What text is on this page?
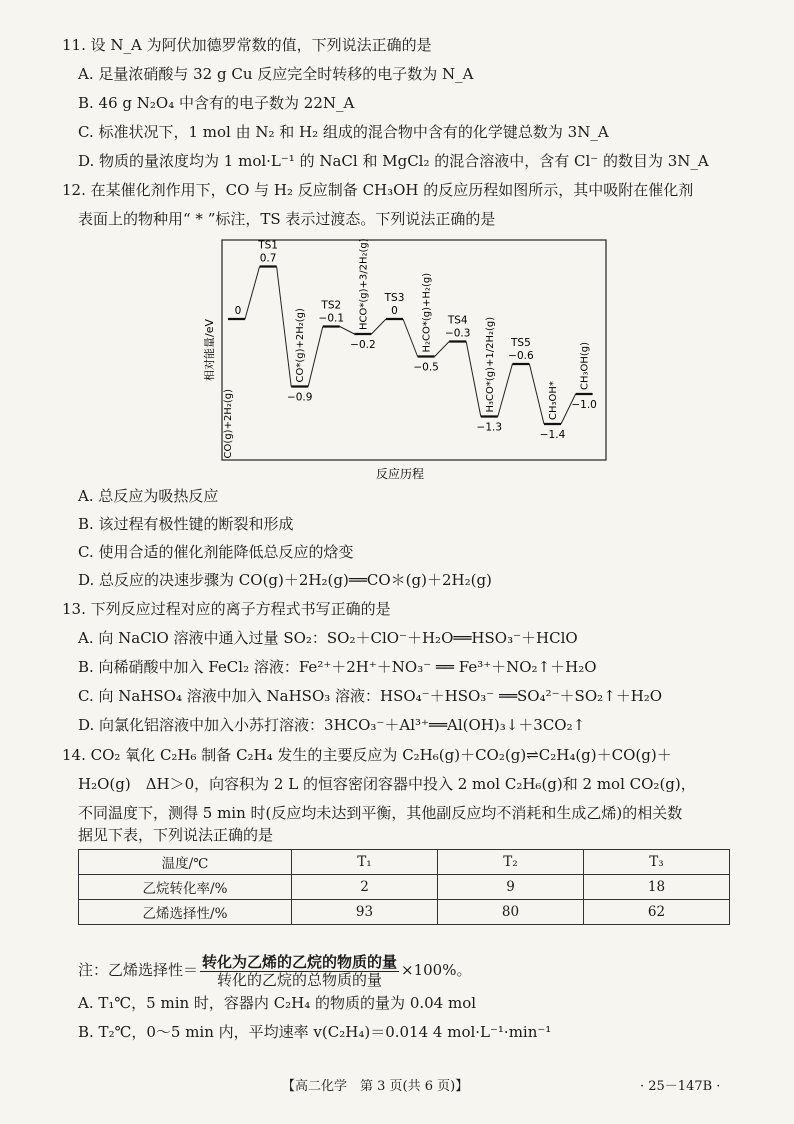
11. 设 N_A 为阿伏加德罗常数的值，下列说法正确的是
A. 足量浓硝酸与 32 g Cu 反应完全时转移的电子数为 N_A
B. 46 g N₂O₄ 中含有的电子数为 22N_A
C. 标准状况下，1 mol 由 N₂ 和 H₂ 组成的混合物中含有的化学键总数为 3N_A
D. 物质的量浓度均为 1 mol·L⁻¹ 的 NaCl 和 MgCl₂ 的混合溶液中，含有 Cl⁻ 的数目为 3N_A
12. 在某催化剂作用下，CO 与 H₂ 反应制备 CH₃OH 的反应历程如图所示，其中吸附在催化剂
表面上的物种用“ * ”标注，TS 表示过渡态。下列说法正确的是
0
CO(g)+2H₂(g)
TS1
0.7
−0.9
CO*(g)+2H₂(g)
TS2
−0.1
−0.2
HCO*(g)+3/2H₂(g) TS3
0
−0.5
H₂CO*(g)+H₂(g) TS4
−0.3
−1.3
H₃CO*(g)+1/2H₂(g) TS5
−0.6
−1.4
CH₃OH* −1.0
CH₃OH(g)
相对能量/eV
反应历程
A. 总反应为吸热反应
B. 该过程有极性键的断裂和形成
C. 使用合适的催化剂能降低总反应的焓变
D. 总反应的决速步骤为 CO(g)＋2H₂(g)══CO＊(g)＋2H₂(g)
13. 下列反应过程对应的离子方程式书写正确的是
A. 向 NaClO 溶液中通入过量 SO₂：SO₂＋ClO⁻＋H₂O══HSO₃⁻＋HClO
B. 向稀硝酸中加入 FeCl₂ 溶液：Fe²⁺＋2H⁺＋NO₃⁻ ══ Fe³⁺＋NO₂↑＋H₂O
C. 向 NaHSO₄ 溶液中加入 NaHSO₃ 溶液：HSO₄⁻＋HSO₃⁻ ══SO₄²⁻＋SO₂↑＋H₂O
D. 向氯化铝溶液中加入小苏打溶液：3HCO₃⁻＋Al³⁺══Al(OH)₃↓＋3CO₂↑
14. CO₂ 氧化 C₂H₆ 制备 C₂H₄ 发生的主要反应为 C₂H₆(g)＋CO₂(g)⇌C₂H₄(g)＋CO(g)＋
H₂O(g)　ΔH＞0，向容积为 2 L 的恒容密闭容器中投入 2 mol C₂H₆(g)和 2 mol CO₂(g)，
不同温度下，测得 5 min 时(反应均未达到平衡，其他副反应均不消耗和生成乙烯)的相关数
据见下表，下列说法正确的是
温度/℃	T₁	T₂	T₃
乙烷转化率/%	2	9	18
乙烯选择性/%	93	80	62
注：乙烯选择性＝ $\frac{\text{转化为乙烯的乙烷的物质的量}}{\text{转化的乙烷的总物质的量}} \times 100\%$。
A. T₁℃，5 min 时，容器内 C₂H₄ 的物质的量为 0.04 mol
B. T₂℃，0～5 min 内，平均速率 v(C₂H₄)＝0.014 4 mol·L⁻¹·min⁻¹
【高二化学　第 3 页(共 6 页)】	· 25－147B ·
